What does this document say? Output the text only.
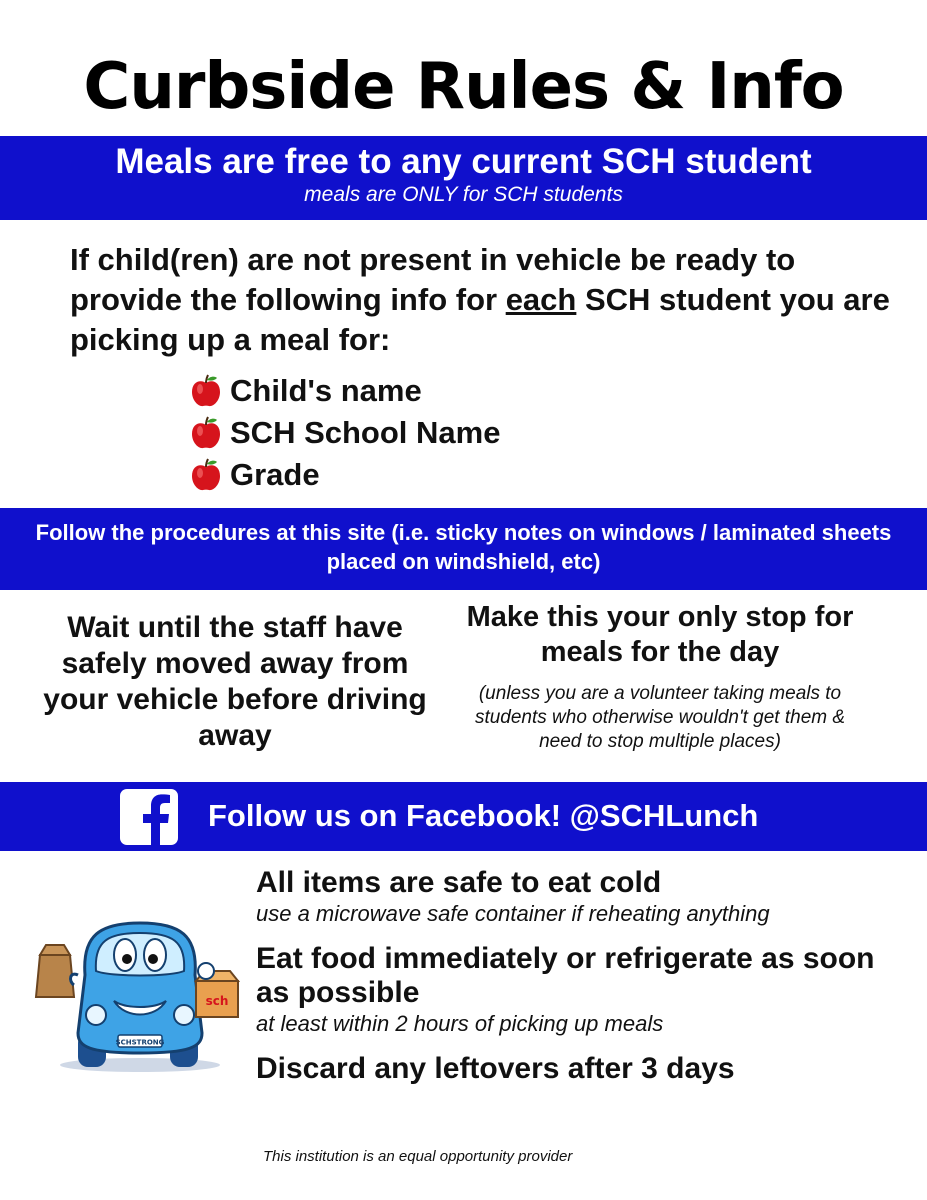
Curbside Rules & Info
Meals are free to any current SCH student
meals are ONLY for SCH students
If child(ren) are not present in vehicle be ready to provide the following info for each SCH student you are picking up a meal for:
Child's name
SCH School Name
Grade
Follow the procedures at this site (i.e. sticky notes on windows / laminated sheets placed on windshield, etc)
Wait until the staff have safely moved away from your vehicle before driving away
Make this your only stop for meals for the day
(unless you are a volunteer taking meals to students who otherwise wouldn't get them & need to stop multiple places)
Follow us on Facebook! @SCHLunch
SCHSTRONG
sch
All items are safe to eat cold
use a microwave safe container if reheating anything
Eat food immediately or refrigerate as soon as possible
at least within 2 hours of picking up meals
Discard any leftovers after 3 days
This institution is an equal opportunity provider
